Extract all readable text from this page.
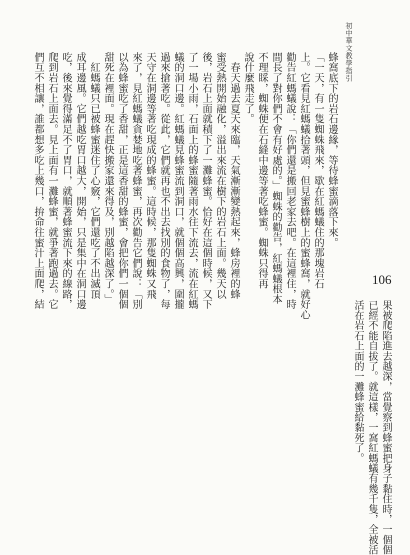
初中華文教學指引
蜂窩底下的岩石邊緣，等待蜂蜜滴落下來。
「一天，有一隻蜘蛛飛來，歇在紅螞蟻住的那塊岩石
上。它看見紅螞蟻拾著頭，但見蜜蜂樹上的蜜蜂窩，就好心
勸告紅螞蟻說：「你們還是搬回老家去吧。在這裡住，時
間長了對你們不會有好處的。」蜘蛛的勸告，紅螞蟻根本
不理睬，蜘蛛便在石縫中邊等著吃蜂蜜。蜘蛛只得再
說什麼飛走了。
　春天過去夏天來臨，天氣漸漸變熱起來，蜂房裡的蜂
蜜受熱開始融化，溢出來流在樹下的岩石上面。幾天以
後，岩石上面就積下了一灘蜂蜜。恰好在這個時候，又下
了一場小雨，石面上的蜂蜜隨著雨水往下流去，流在紅螞
蟻的洞口邊。紅螞蟻見蜂蜜流到洞口，就個個高興，圍攏
過來搶著吃。從此，它們就再也不出去找別的食物了，每
天守在洞邊等著吃現成的蜂蜜。這時候，那隻蜘蛛又飛
來了，見紅螞蟻貪婪地吃著蜂蜜，再次勸告它們說：「別
以為蜂蜜吃了香甜，正是這香甜的蜂蜜，會把你們一個個
甜死在裡面。現在趕快搬家還來得及，別越陷越深了。」
　紅螞蟻只已被蜂蜜迷住了心竅，它們還吃了不出滅頂
成耳邊風。它們越吃胃口越大，開始，只是集中在洞口邊
吃，後來覺得滿足不了胃口，就順著蜂蜜流下來的線路，
爬到岩石上面去。見上面有一灘蜂蜜，就爭著跑過去。它
們互不相讓，誰都想多吃上幾口，拚命往蜜汁上面爬，結	106
果被爬陷進去越深，當覺察到蜂蜜把身子黏住時，一個個
已經不能自拔了。就這樣，一窩紅螞蟻有幾千隻，全被活
活在岩石上面的一灘蜂蜜給黏死了。
